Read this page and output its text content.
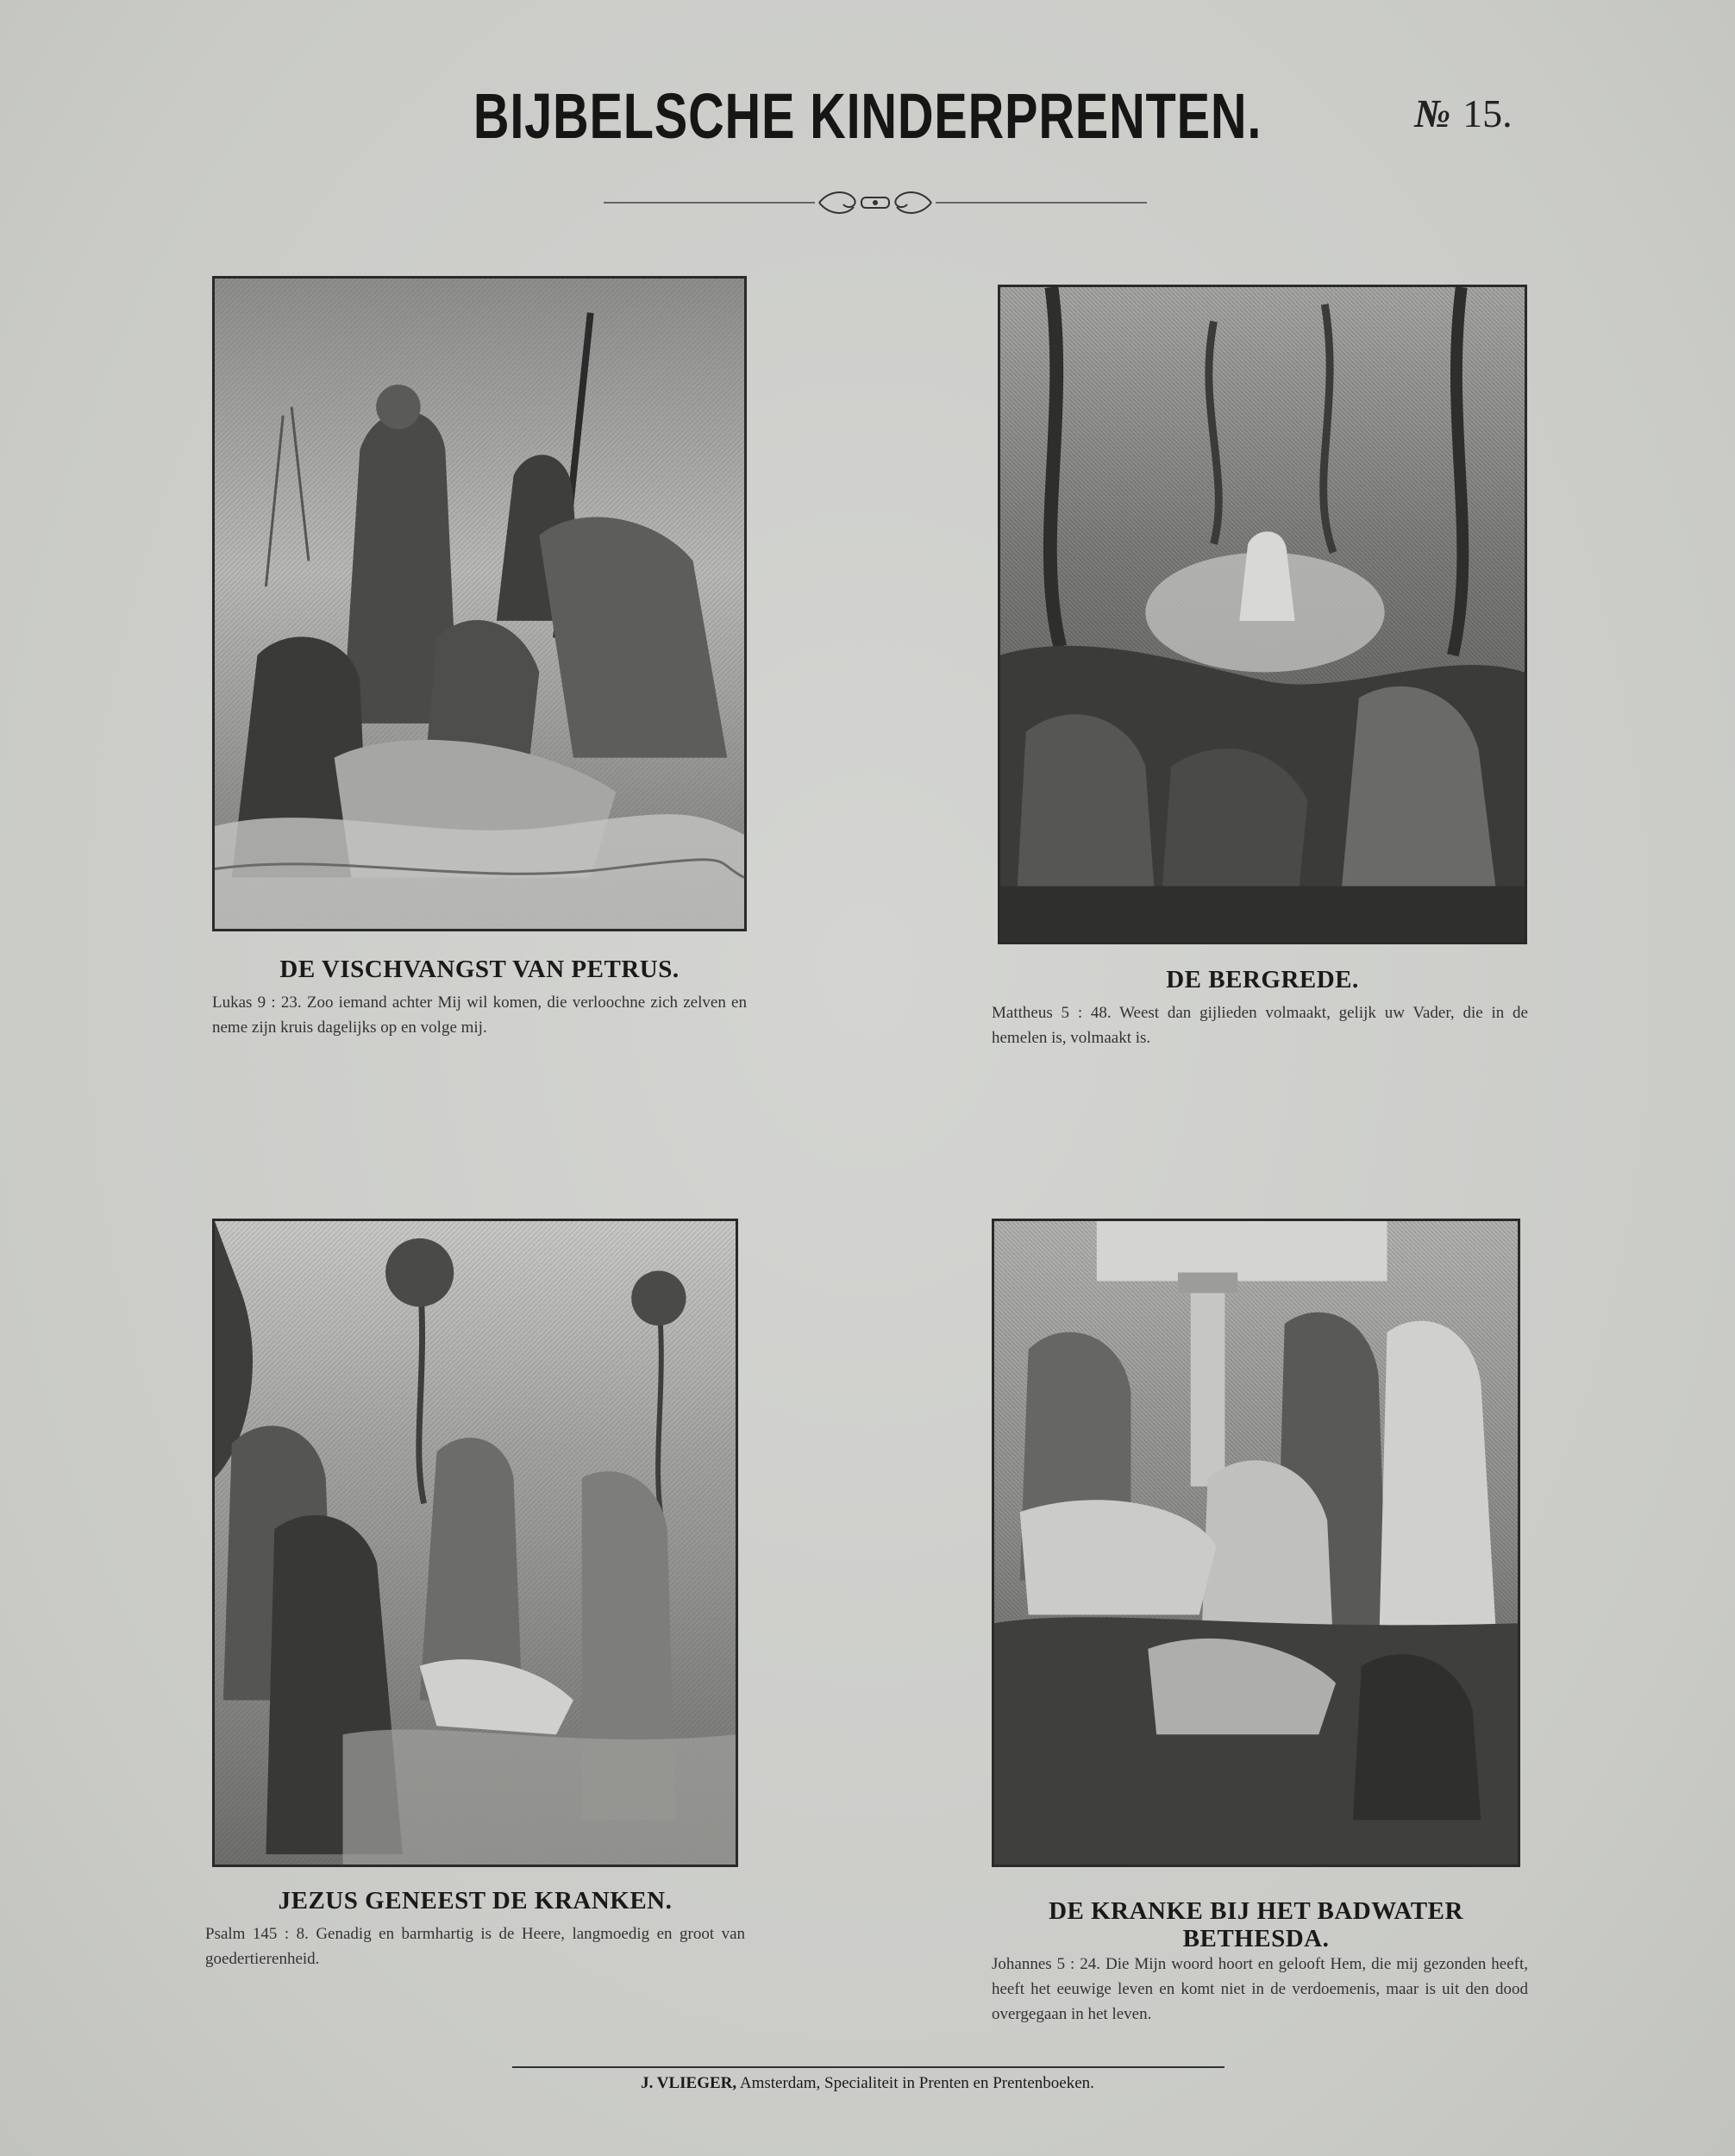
BIJBELSCHE KINDERPRENTEN.	№ 15.
DE VISCHVANGST VAN PETRUS.
Lukas 9 : 23. Zoo iemand achter Mij wil komen, die verloochne zich zelven en neme zijn kruis dagelijks op en volge mij.
DE BERGREDE.
Mattheus 5 : 48. Weest dan gijlieden volmaakt, gelijk uw Vader, die in de hemelen is, volmaakt is.
JEZUS GENEEST DE KRANKEN.
Psalm 145 : 8. Genadig en barmhartig is de Heere, langmoedig en groot van goedertierenheid.
DE KRANKE BIJ HET BADWATER BETHESDA.
Johannes 5 : 24. Die Mijn woord hoort en gelooft Hem, die mij gezonden heeft, heeft het eeuwige leven en komt niet in de verdoemenis, maar is uit den dood overgegaan in het leven.
J. VLIEGER, Amsterdam, Specialiteit in Prenten en Prentenboeken.
